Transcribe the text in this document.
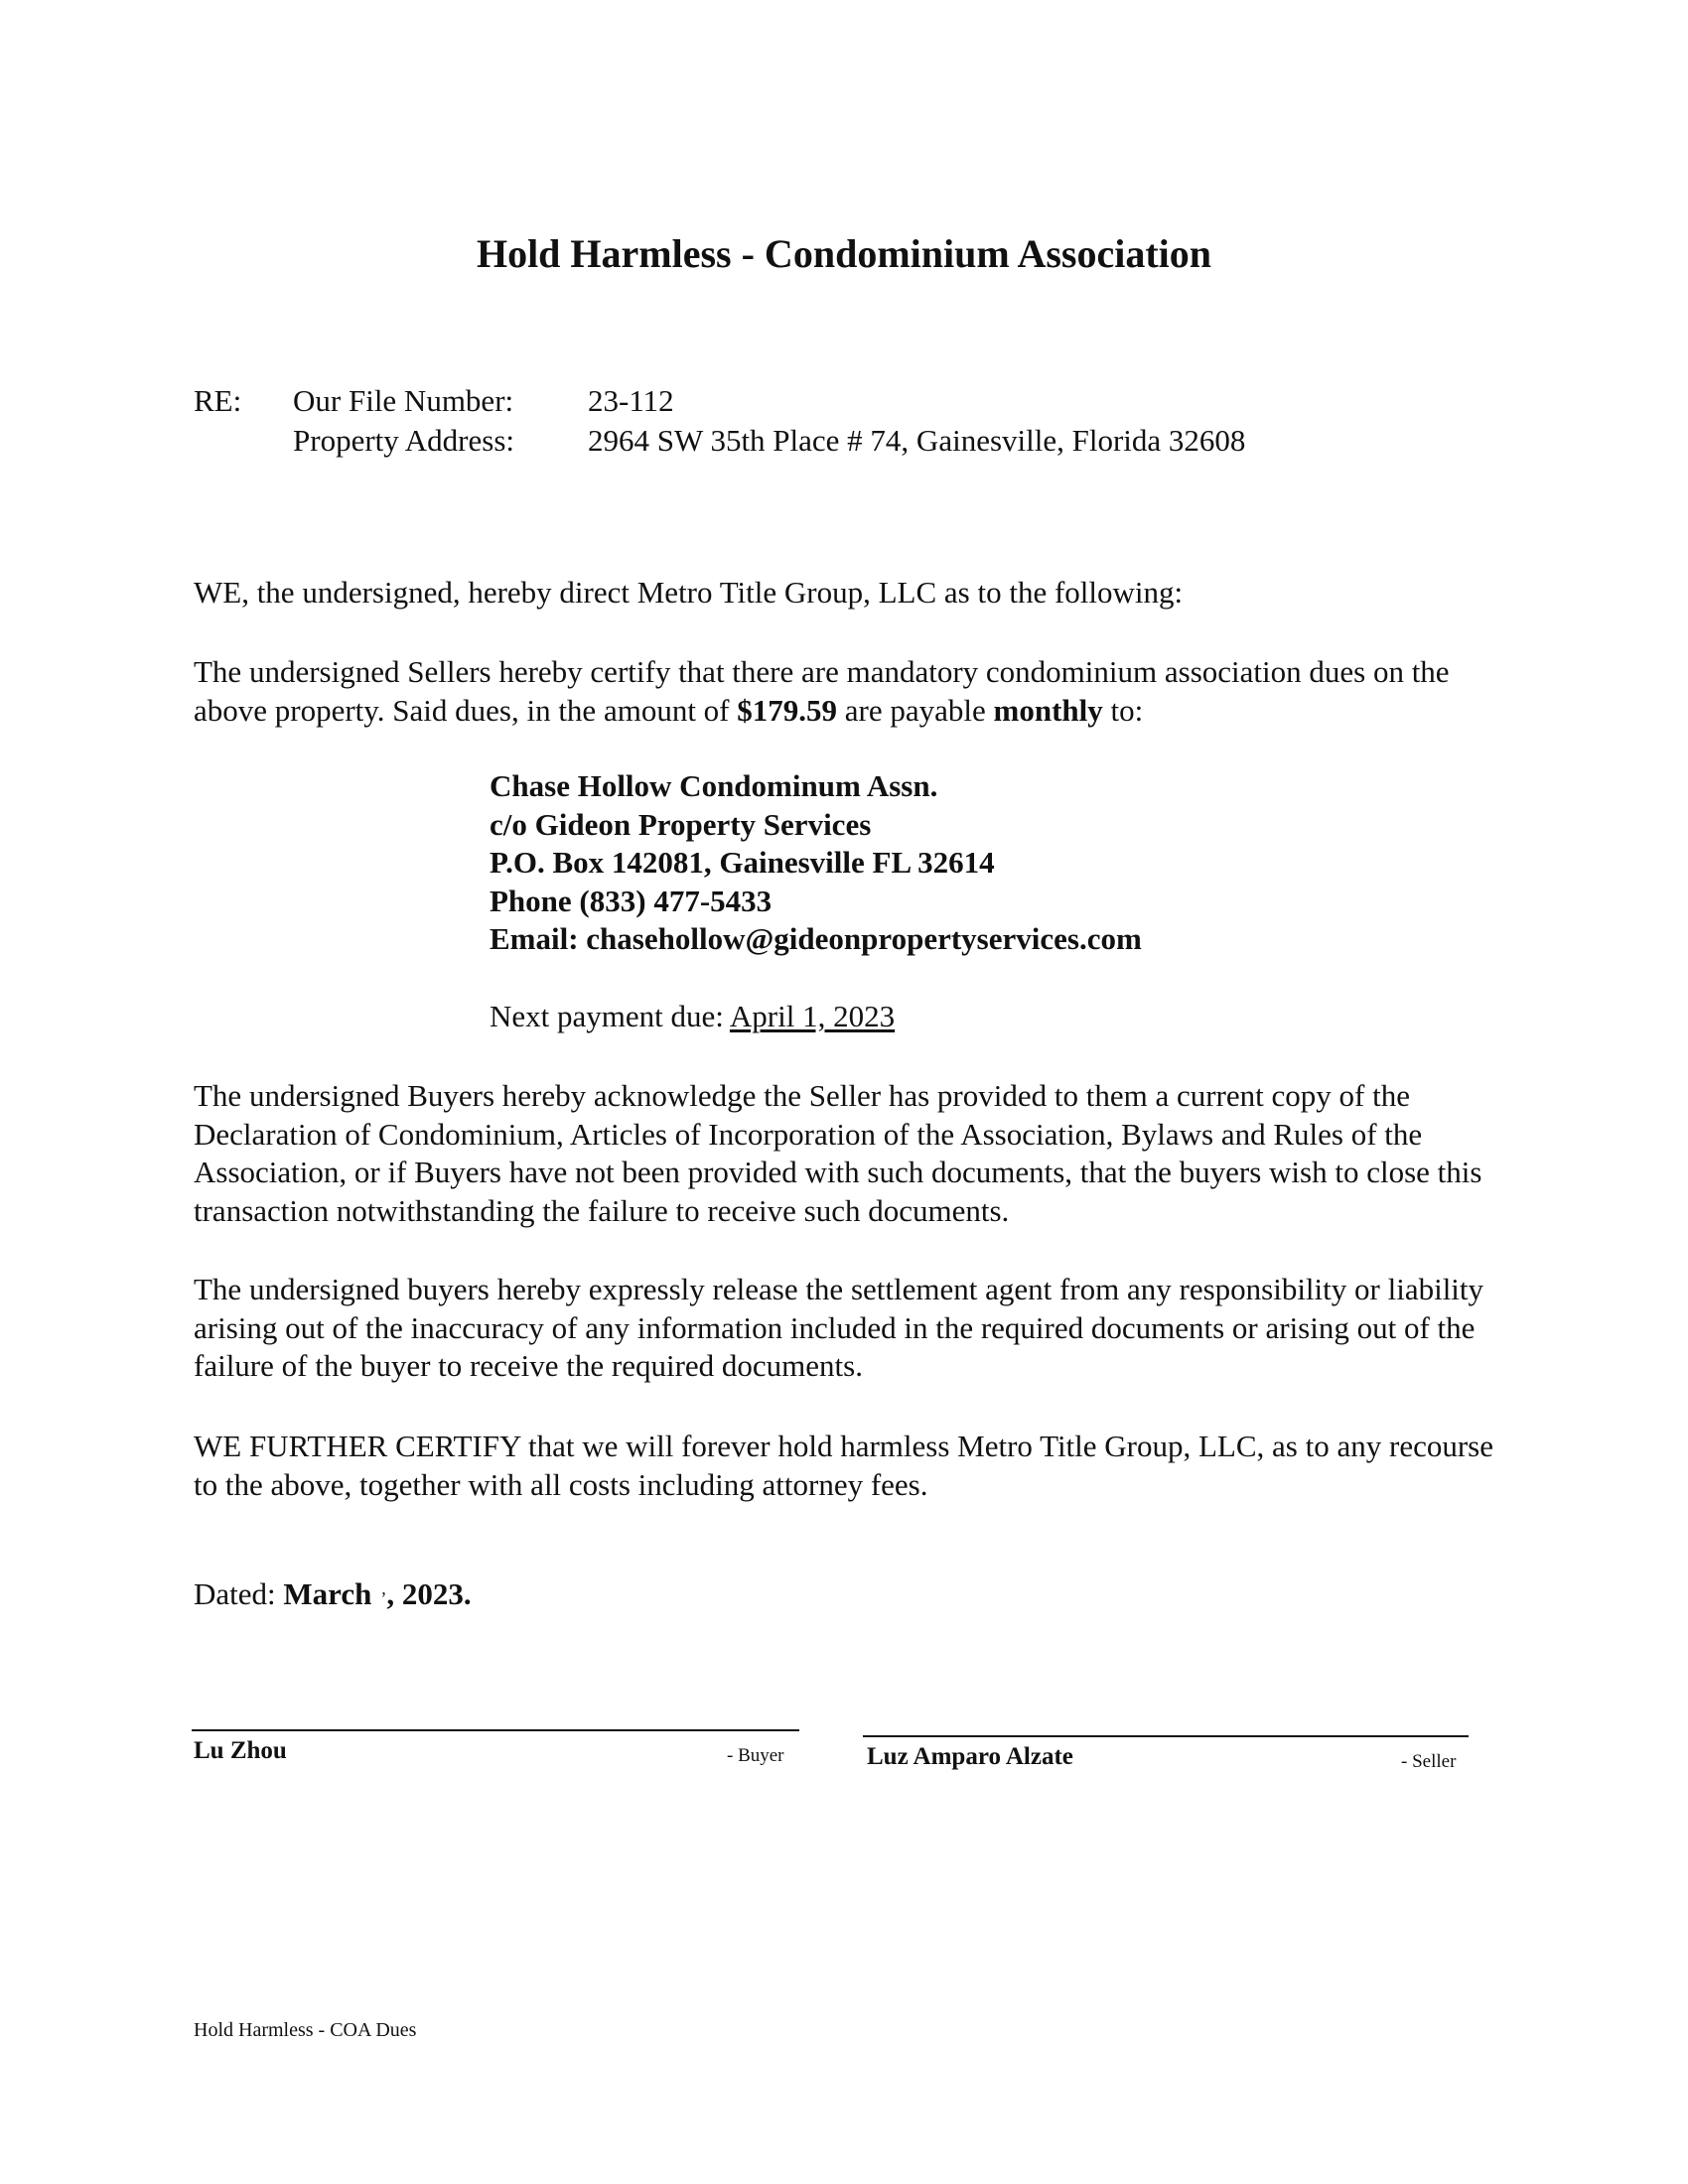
Hold Harmless - Condominium Association
RE: Our File Number: 23-112
Property Address: 2964 SW 35th Place # 74, Gainesville, Florida 32608

WE, the undersigned, hereby direct Metro Title Group, LLC as to the following:

The undersigned Sellers hereby certify that there are mandatory condominium association dues on the above property. Said dues, in the amount of $179.59 are payable monthly to:

Chase Hollow Condominum Assn.
c/o Gideon Property Services
P.O. Box 142081, Gainesville FL 32614
Phone (833) 477-5433
Email: chasehollow@gideonpropertyservices.com
Next payment due: April 1, 2023

The undersigned Buyers hereby acknowledge the Seller has provided to them a current copy of the Declaration of Condominium, Articles of Incorporation of the Association, Bylaws and Rules of the Association, or if Buyers have not been provided with such documents, that the buyers wish to close this transaction notwithstanding the failure to receive such documents.

The undersigned buyers hereby expressly release the settlement agent from any responsibility or liability arising out of the inaccuracy of any information included in the required documents or arising out of the failure of the buyer to receive the required documents.

WE FURTHER CERTIFY that we will forever hold harmless Metro Title Group, LLC, as to any recourse to the above, together with all costs including attorney fees.

Dated: March  ʼ, 2023.
Lu Zhou	- Buyer	Luz Amparo Alzate	- Seller
Hold Harmless - COA Dues
